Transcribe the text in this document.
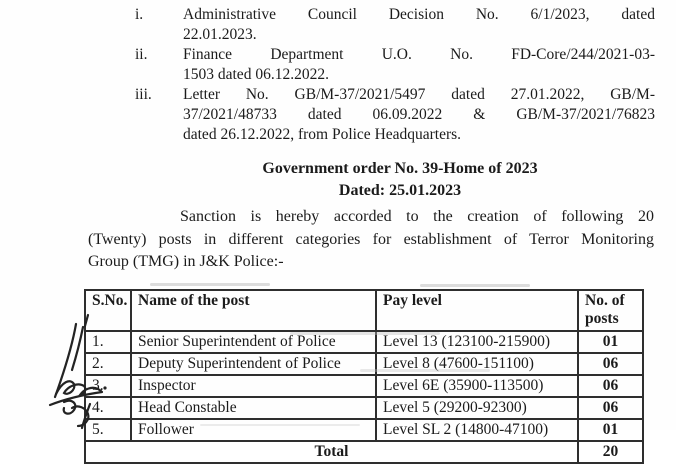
i.	Administrative Council Decision No. 6/1/2023, dated
22.01.2023.
ii.	Finance Department U.O. No. FD-Core/244/2021-03-
1503 dated 06.12.2022.
iii.	Letter No. GB/M-37/2021/5497 dated 27.01.2022, GB/M-
37/2021/48733 dated 06.09.2022 & GB/M-37/2021/76823
dated 26.12.2022, from Police Headquarters.
Government order No. 39-Home of 2023
Dated: 25.01.2023
Sanction is hereby accorded to the creation of following 20
(Twenty) posts in different categories for establishment of Terror Monitoring
Group (TMG) in J&K Police:-
S.No.	Name of the post	Pay level	No. of posts
1.	Senior Superintendent of Police	Level 13 (123100-215900)	01
2.	Deputy Superintendent of Police	Level 8 (47600-151100)	06
3.	Inspector	Level 6E (35900-113500)	06
4.	Head Constable	Level 5 (29200-92300)	06
5.	Follower	Level SL 2 (14800-47100)	01
Total			20
